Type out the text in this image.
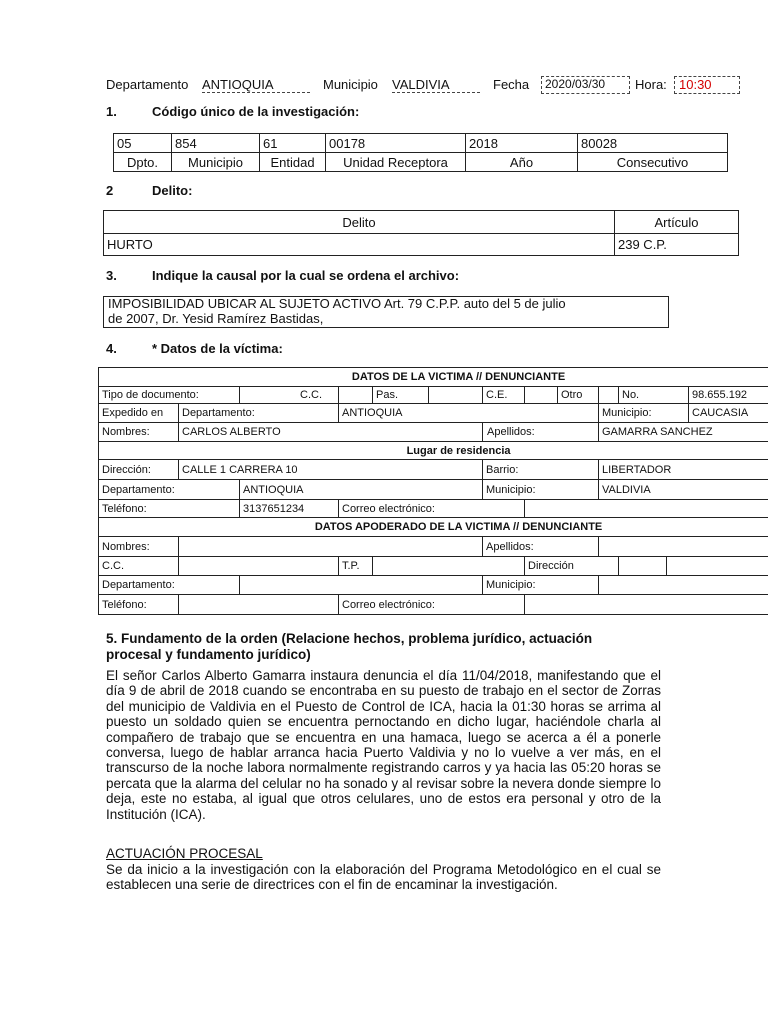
Departamento ANTIOQUIA	Municipio VALDIVIA	Fecha	2020/03/30	Hora: 10:30
1.	Código único de la investigación:
05	854	61	00178	2018	80028
Dpto.	Municipio	Entidad	Unidad Receptora	Año	Consecutivo
2	Delito:
Delito	Artículo
HURTO	239 C.P.
3.	Indique la causal por la cual se ordena el archivo:
IMPOSIBILIDAD UBICAR AL SUJETO ACTIVO Art. 79 C.P.P. auto del 5 de julio
de 2007, Dr. Yesid Ramírez Bastidas,
4.	* Datos de la víctima:
DATOS DE LA VICTIMA // DENUNCIANTE												
Tipo de documento:		C.C.		Pas.		C.E.		Otro		No.		98.655.192
Expedido en	Departamento:		ANTIOQUIA						Municipio:			CAUCASIA
Nombres:	CARLOS ALBERTO					Apellidos:			GAMARRA SANCHEZ			
Lugar de residencia												
Dirección:	CALLE 1 CARRERA 10					Barrio:			LIBERTADOR			
Departamento:		ANTIOQUIA				Municipio:			VALDIVIA			
Teléfono:		3137651234	Correo electrónico:									
DATOS APODERADO DE LA VICTIMA // DENUNCIANTE												
Nombres:						Apellidos:						
C.C.			T.P.				Dirección					
Departamento:						Municipio:						
Teléfono:			Correo electrónico:									
5. Fundamento de la orden (Relacione hechos, problema jurídico, actuación
procesal y fundamento jurídico)

El señor Carlos Alberto Gamarra instaura denuncia el día 11/04/2018, manifestando que el día 9 de abril de 2018 cuando se encontraba en su puesto de trabajo en el sector de Zorras del municipio de Valdivia en el Puesto de Control de ICA, hacia la 01:30 horas se arrima al puesto un soldado quien se encuentra pernoctando en dicho lugar, haciéndole charla al compañero de trabajo que se encuentra en una hamaca, luego se acerca a él a ponerle conversa, luego de hablar arranca hacia Puerto Valdivia y no lo vuelve a ver más, en el transcurso de la noche labora normalmente registrando carros y ya hacia las 05:20 horas se percata que la alarma del celular no ha sonado y al revisar sobre la nevera donde siempre lo deja, este no estaba, al igual que otros celulares, uno de estos era personal y otro de la Institución (ICA).

ACTUACIÓN PROCESAL

Se da inicio a la investigación con la elaboración del Programa Metodológico en el cual se establecen una serie de directrices con el fin de encaminar la investigación.
